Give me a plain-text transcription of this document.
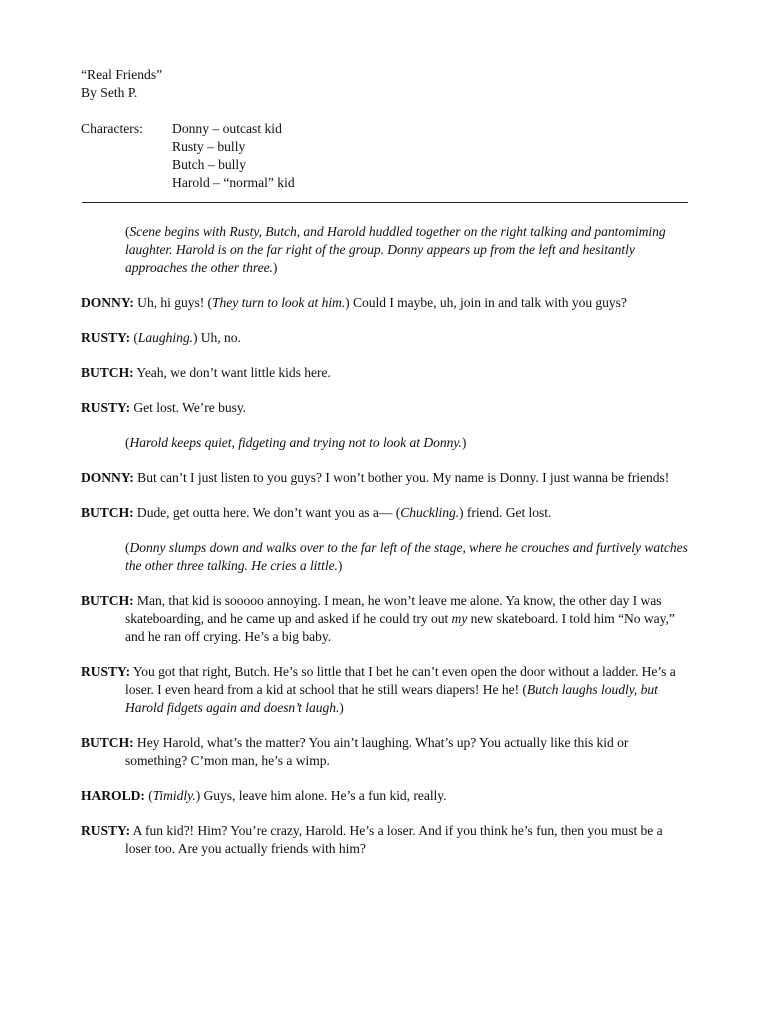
“Real Friends”

By Seth P.

Characters:	Donny – outcast kid
Rusty – bully
Butch – bully
Harold – “normal” kid

(Scene begins with Rusty, Butch, and Harold huddled together on the right talking and pantomiming laughter. Harold is on the far right of the group. Donny appears up from the left and hesitantly approaches the other three.)

DONNY: Uh, hi guys! (They turn to look at him.) Could I maybe, uh, join in and talk with you guys?

RUSTY: (Laughing.) Uh, no.

BUTCH: Yeah, we don’t want little kids here.

RUSTY: Get lost. We’re busy.

(Harold keeps quiet, fidgeting and trying not to look at Donny.)

DONNY: But can’t I just listen to you guys? I won’t bother you. My name is Donny. I just wanna be friends!

BUTCH: Dude, get outta here. We don’t want you as a— (Chuckling.) friend. Get lost.

(Donny slumps down and walks over to the far left of the stage, where he crouches and furtively watches the other three talking. He cries a little.)

BUTCH: Man, that kid is sooooo annoying. I mean, he won’t leave me alone. Ya know, the other day I was skateboarding, and he came up and asked if he could try out my new skateboard. I told him “No way,” and he ran off crying. He’s a big baby.

RUSTY: You got that right, Butch. He’s so little that I bet he can’t even open the door without a ladder. He’s a loser. I even heard from a kid at school that he still wears diapers! He he! (Butch laughs loudly, but Harold fidgets again and doesn’t laugh.)

BUTCH: Hey Harold, what’s the matter? You ain’t laughing. What’s up? You actually like this kid or something? C’mon man, he’s a wimp.

HAROLD: (Timidly.) Guys, leave him alone. He’s a fun kid, really.

RUSTY: A fun kid?! Him? You’re crazy, Harold. He’s a loser. And if you think he’s fun, then you must be a loser too. Are you actually friends with him?
